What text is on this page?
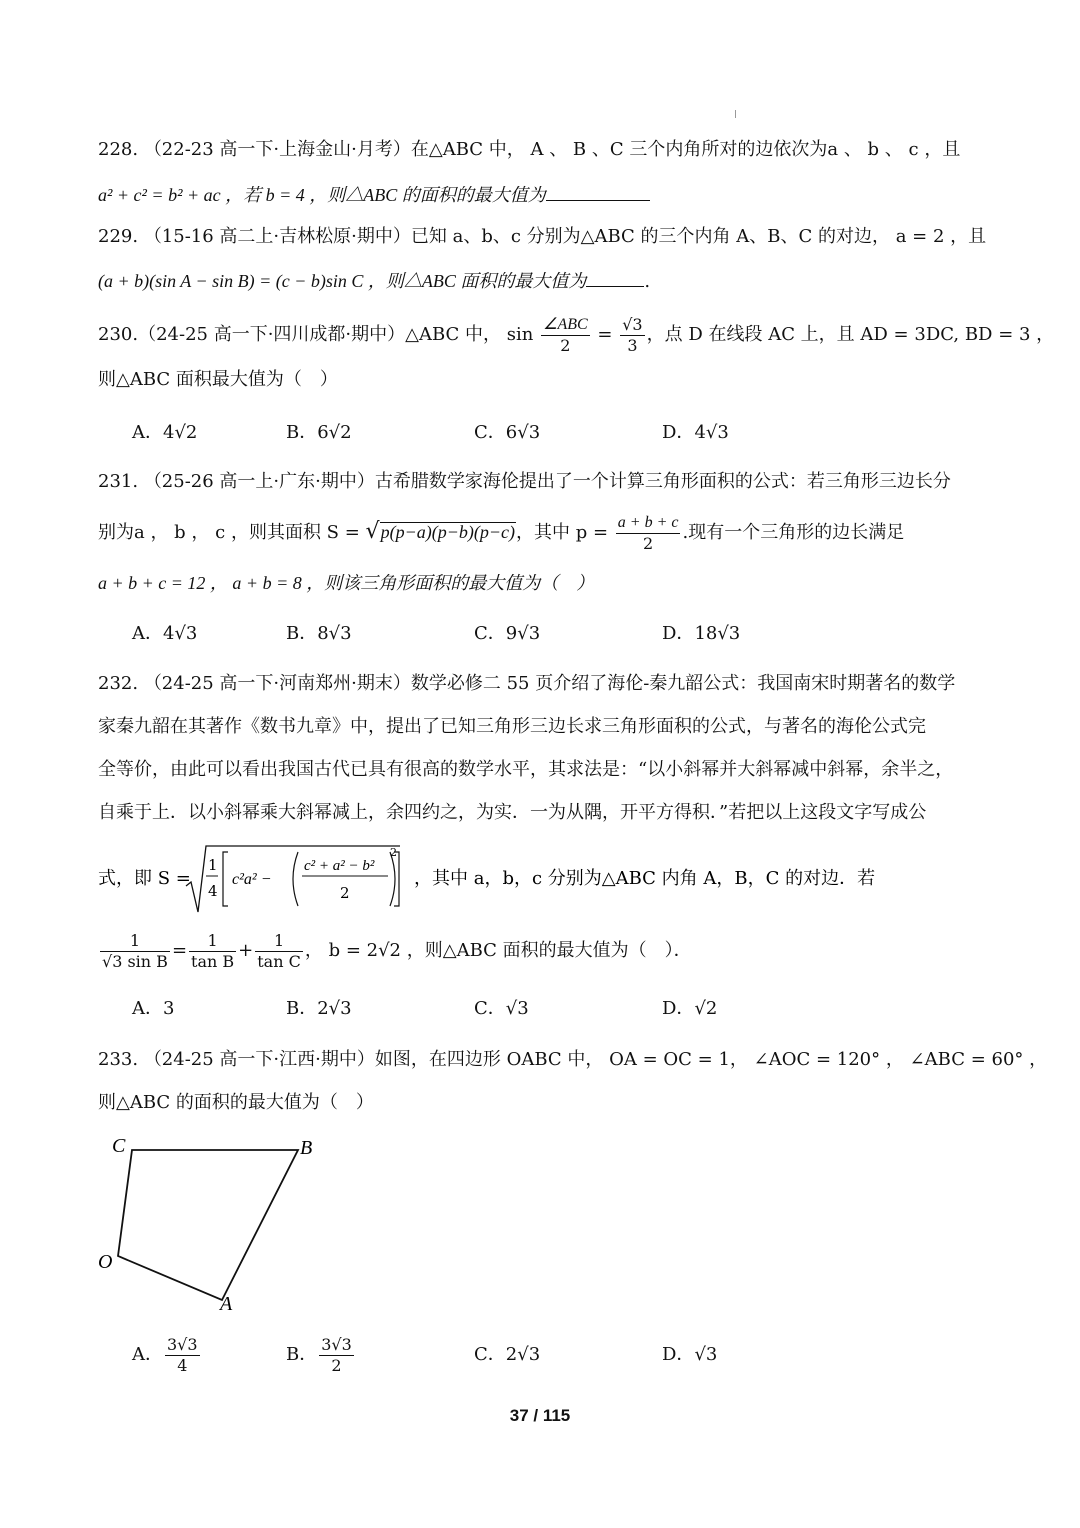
228. （22-23 高一下·上海金山·月考）在△ABC 中， A 、 B 、C 三个内角所对的边依次为a 、 b 、 c ，且
a² + c² = b² + ac ，若 b = 4 ，则△ABC 的面积的最大值为
229. （15-16 高二上·吉林松原·期中）已知 a、b、c 分别为△ABC 的三个内角 A、B、C 的对边， a = 2 ，且
(a + b)(sin A − sin B) = (c − b)sin C ，则△ABC 面积的最大值为	.
230.（24-25 高一下·四川成都·期中）△ABC 中， $\sin \frac{\text{∠ABC}}{2} = \frac{√3}{3}$ ，点 D 在线段 AC 上，且 AD = 3DC, BD = 3 ，
则△ABC 面积最大值为（　）
A．4√2	B．6√2	C．6√3	D．4√3
231. （25-26 高一上·广东·期中）古希腊数学家海伦提出了一个计算三角形面积的公式：若三角形三边长分
别为a ， b ， c ，则其面积 S = √p(p−a)(p−b)(p−c)，其中 $p = \frac{a + b + c}{2}$ .现有一个三角形的边长满足
a + b + c = 12 ， a + b = 8 ，则该三角形面积的最大值为（　）
A．4√3	B．8√3	C．9√3	D．18√3
232. （24-25 高一下·河南郑州·期末）数学必修二 55 页介绍了海伦-秦九韶公式：我国南宋时期著名的数学
家秦九韶在其著作《数书九章》中，提出了已知三角形三边长求三角形面积的公式，与著名的海伦公式完
全等价，由此可以看出我国古代已具有很高的数学水平，其求法是：“以小斜幂并大斜幂减中斜幂，余半之，
自乘于上．以小斜幂乘大斜幂减上，余四约之，为实．一为从隅，开平方得积．”若把以上这段文字写成公
式，即 S =
1
4
c²a² −
c² + a² − b²
2
2
，其中 a，b，c 分别为△ABC 内角 A，B，C 的对边．若
$\frac{1}{\text{√3 sin B}} = \frac{1}{\text{tan B}} + \frac{1}{\text{tan C}}$ ， b = 2√2 ，则△ABC 面积的最大值为（　）．
A．3	B．2√3	C．√3	D．√2
233. （24-25 高一下·江西·期中）如图，在四边形 OABC 中， OA = OC = 1， ∠AOC = 120° ， ∠ABC = 60° ，
则△ABC 的面积的最大值为（　）
C	B
O
A
A． $\frac{3√3}{4}$	B． $\frac{3√3}{2}$	C．2√3	D．√3
37 / 115
